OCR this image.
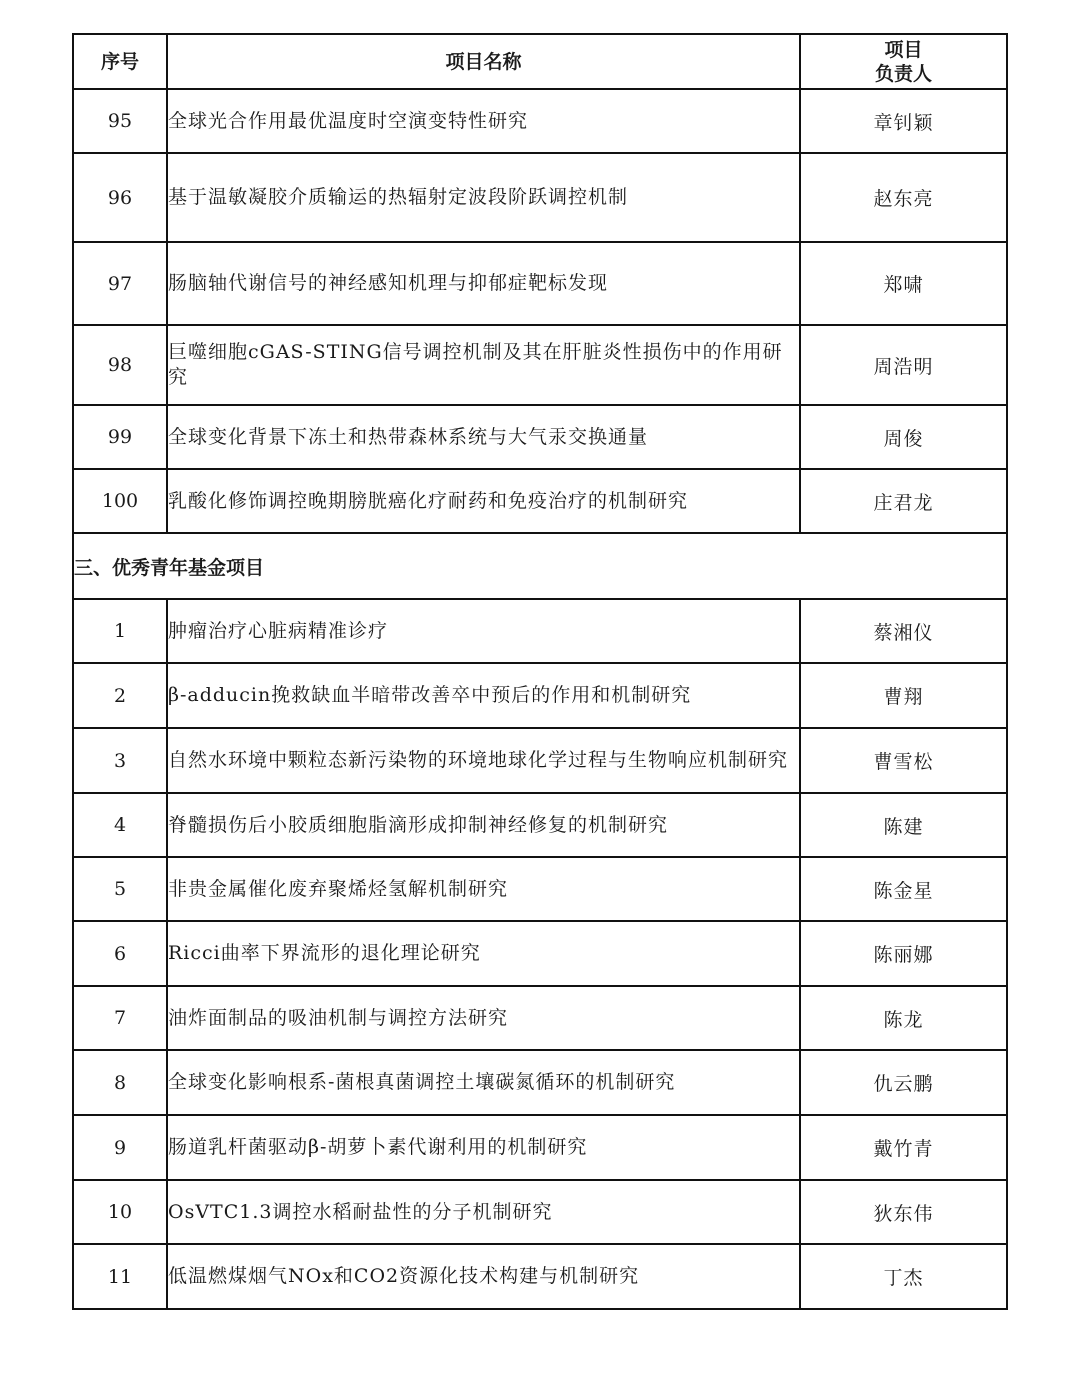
序号	项目名称	项目
负责人

95	全球光合作用最优温度时空演变特性研究	章钊颖
96	基于温敏凝胶介质输运的热辐射定波段阶跃调控机制	赵东亮
97	肠脑轴代谢信号的神经感知机理与抑郁症靶标发现	郑啸
98	巨噬细胞cGAS-STING信号调控机制及其在肝脏炎性损伤中的作用研究	周浩明
99	全球变化背景下冻土和热带森林系统与大气汞交换通量	周俊
100	乳酸化修饰调控晚期膀胱癌化疗耐药和免疫治疗的机制研究	庄君龙
三、优秀青年基金项目		
1	肿瘤治疗心脏病精准诊疗	蔡湘仪
2	β-adducin挽救缺血半暗带改善卒中预后的作用和机制研究	曹翔
3	自然水环境中颗粒态新污染物的环境地球化学过程与生物响应机制研究	曹雪松
4	脊髓损伤后小胶质细胞脂滴形成抑制神经修复的机制研究	陈建
5	非贵金属催化废弃聚烯烃氢解机制研究	陈金星
6	Ricci曲率下界流形的退化理论研究	陈丽娜
7	油炸面制品的吸油机制与调控方法研究	陈龙
8	全球变化影响根系-菌根真菌调控土壤碳氮循环的机制研究	仇云鹏
9	肠道乳杆菌驱动β-胡萝卜素代谢利用的机制研究	戴竹青
10	OsVTC1.3调控水稻耐盐性的分子机制研究	狄东伟
11	低温燃煤烟气NOx和CO2资源化技术构建与机制研究	丁杰
